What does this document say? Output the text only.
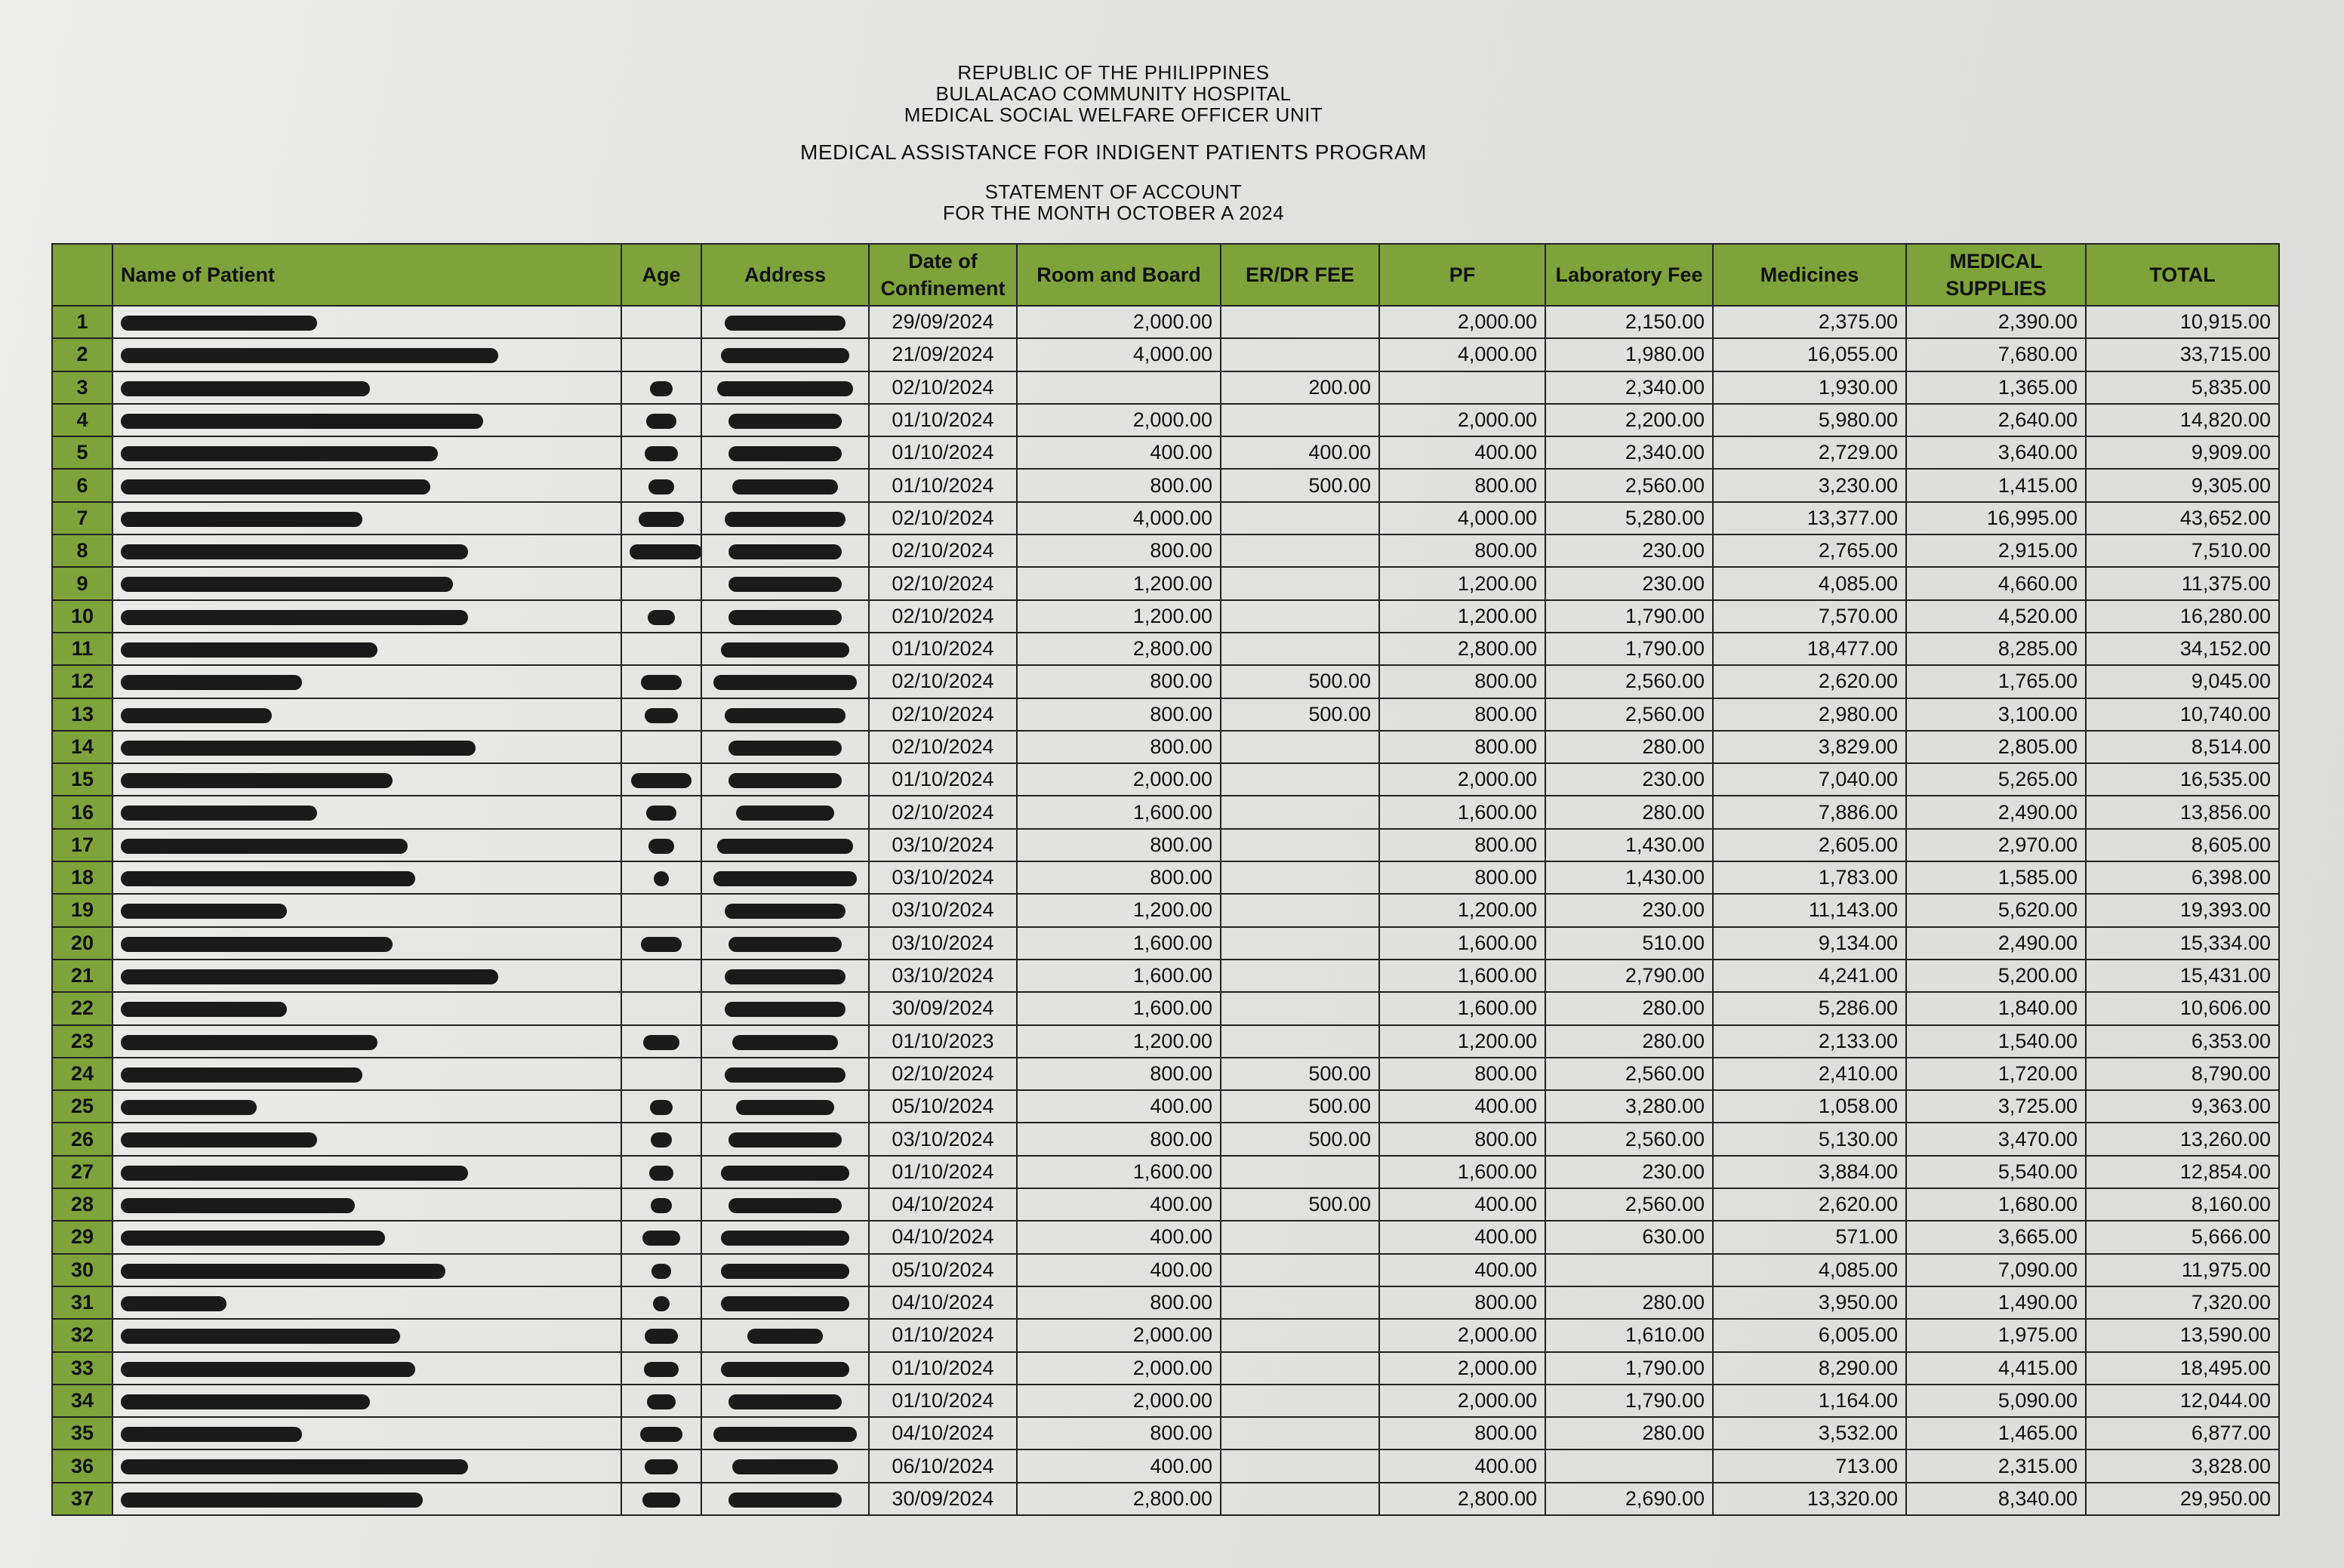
REPUBLIC OF THE PHILIPPINES
BULALACAO COMMUNITY HOSPITAL
MEDICAL SOCIAL WELFARE OFFICER UNIT
MEDICAL ASSISTANCE FOR INDIGENT PATIENTS PROGRAM
STATEMENT OF ACCOUNT
FOR THE MONTH OCTOBER A 2024
	Name of Patient	Age	Address	Date of Confinement	Room and Board	ER/DR FEE	PF	Laboratory Fee	Medicines	MEDICAL SUPPLIES	TOTAL
1				29/09/2024	2,000.00		2,000.00	2,150.00	2,375.00	2,390.00	10,915.00
2				21/09/2024	4,000.00		4,000.00	1,980.00	16,055.00	7,680.00	33,715.00
3				02/10/2024		200.00		2,340.00	1,930.00	1,365.00	5,835.00
4				01/10/2024	2,000.00		2,000.00	2,200.00	5,980.00	2,640.00	14,820.00
5				01/10/2024	400.00	400.00	400.00	2,340.00	2,729.00	3,640.00	9,909.00
6				01/10/2024	800.00	500.00	800.00	2,560.00	3,230.00	1,415.00	9,305.00
7				02/10/2024	4,000.00		4,000.00	5,280.00	13,377.00	16,995.00	43,652.00
8				02/10/2024	800.00		800.00	230.00	2,765.00	2,915.00	7,510.00
9				02/10/2024	1,200.00		1,200.00	230.00	4,085.00	4,660.00	11,375.00
10				02/10/2024	1,200.00		1,200.00	1,790.00	7,570.00	4,520.00	16,280.00
11				01/10/2024	2,800.00		2,800.00	1,790.00	18,477.00	8,285.00	34,152.00
12				02/10/2024	800.00	500.00	800.00	2,560.00	2,620.00	1,765.00	9,045.00
13				02/10/2024	800.00	500.00	800.00	2,560.00	2,980.00	3,100.00	10,740.00
14				02/10/2024	800.00		800.00	280.00	3,829.00	2,805.00	8,514.00
15				01/10/2024	2,000.00		2,000.00	230.00	7,040.00	5,265.00	16,535.00
16				02/10/2024	1,600.00		1,600.00	280.00	7,886.00	2,490.00	13,856.00
17				03/10/2024	800.00		800.00	1,430.00	2,605.00	2,970.00	8,605.00
18				03/10/2024	800.00		800.00	1,430.00	1,783.00	1,585.00	6,398.00
19				03/10/2024	1,200.00		1,200.00	230.00	11,143.00	5,620.00	19,393.00
20				03/10/2024	1,600.00		1,600.00	510.00	9,134.00	2,490.00	15,334.00
21				03/10/2024	1,600.00		1,600.00	2,790.00	4,241.00	5,200.00	15,431.00
22				30/09/2024	1,600.00		1,600.00	280.00	5,286.00	1,840.00	10,606.00
23				01/10/2023	1,200.00		1,200.00	280.00	2,133.00	1,540.00	6,353.00
24				02/10/2024	800.00	500.00	800.00	2,560.00	2,410.00	1,720.00	8,790.00
25				05/10/2024	400.00	500.00	400.00	3,280.00	1,058.00	3,725.00	9,363.00
26				03/10/2024	800.00	500.00	800.00	2,560.00	5,130.00	3,470.00	13,260.00
27				01/10/2024	1,600.00		1,600.00	230.00	3,884.00	5,540.00	12,854.00
28				04/10/2024	400.00	500.00	400.00	2,560.00	2,620.00	1,680.00	8,160.00
29				04/10/2024	400.00		400.00	630.00	571.00	3,665.00	5,666.00
30				05/10/2024	400.00		400.00		4,085.00	7,090.00	11,975.00
31				04/10/2024	800.00		800.00	280.00	3,950.00	1,490.00	7,320.00
32				01/10/2024	2,000.00		2,000.00	1,610.00	6,005.00	1,975.00	13,590.00
33				01/10/2024	2,000.00		2,000.00	1,790.00	8,290.00	4,415.00	18,495.00
34				01/10/2024	2,000.00		2,000.00	1,790.00	1,164.00	5,090.00	12,044.00
35				04/10/2024	800.00		800.00	280.00	3,532.00	1,465.00	6,877.00
36				06/10/2024	400.00		400.00		713.00	2,315.00	3,828.00
37				30/09/2024	2,800.00		2,800.00	2,690.00	13,320.00	8,340.00	29,950.00
